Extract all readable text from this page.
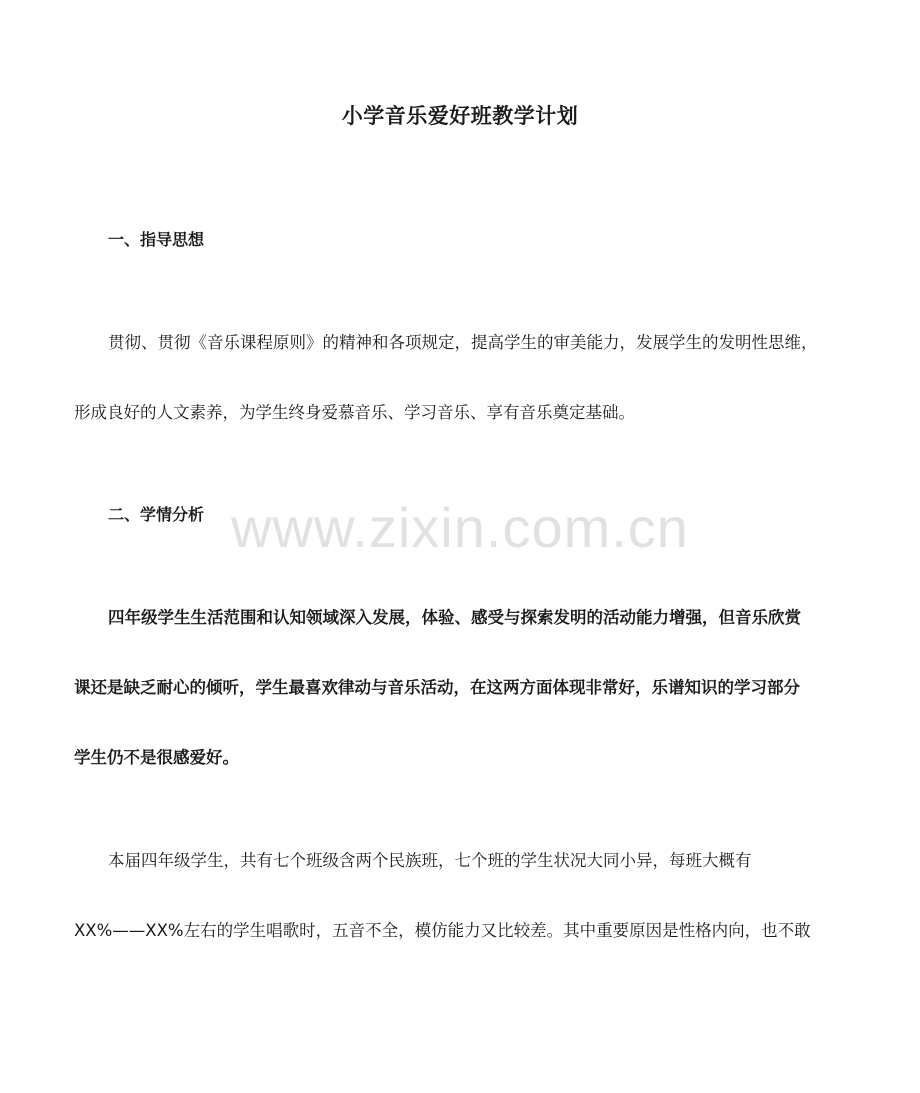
小学音乐爱好班教学计划
一、指导思想

贯彻、贯彻《音乐课程原则》的精神和各项规定，提高学生的审美能力，发展学生的发明性思维，

形成良好的人文素养，为学生终身爱慕音乐、学习音乐、享有音乐奠定基础。

二、学情分析

四年级学生生活范围和认知领域深入发展，体验、感受与探索发明的活动能力增强，但音乐欣赏

课还是缺乏耐心的倾听，学生最喜欢律动与音乐活动，在这两方面体现非常好，乐谱知识的学习部分

学生仍不是很感爱好。

本届四年级学生，共有七个班级含两个民族班，七个班的学生状况大同小异，每班大概有

XX%——XX%左右的学生唱歌时，五音不全，模仿能力又比较差。其中重要原因是性格内向，也不敢

www.zixin.com.cn
